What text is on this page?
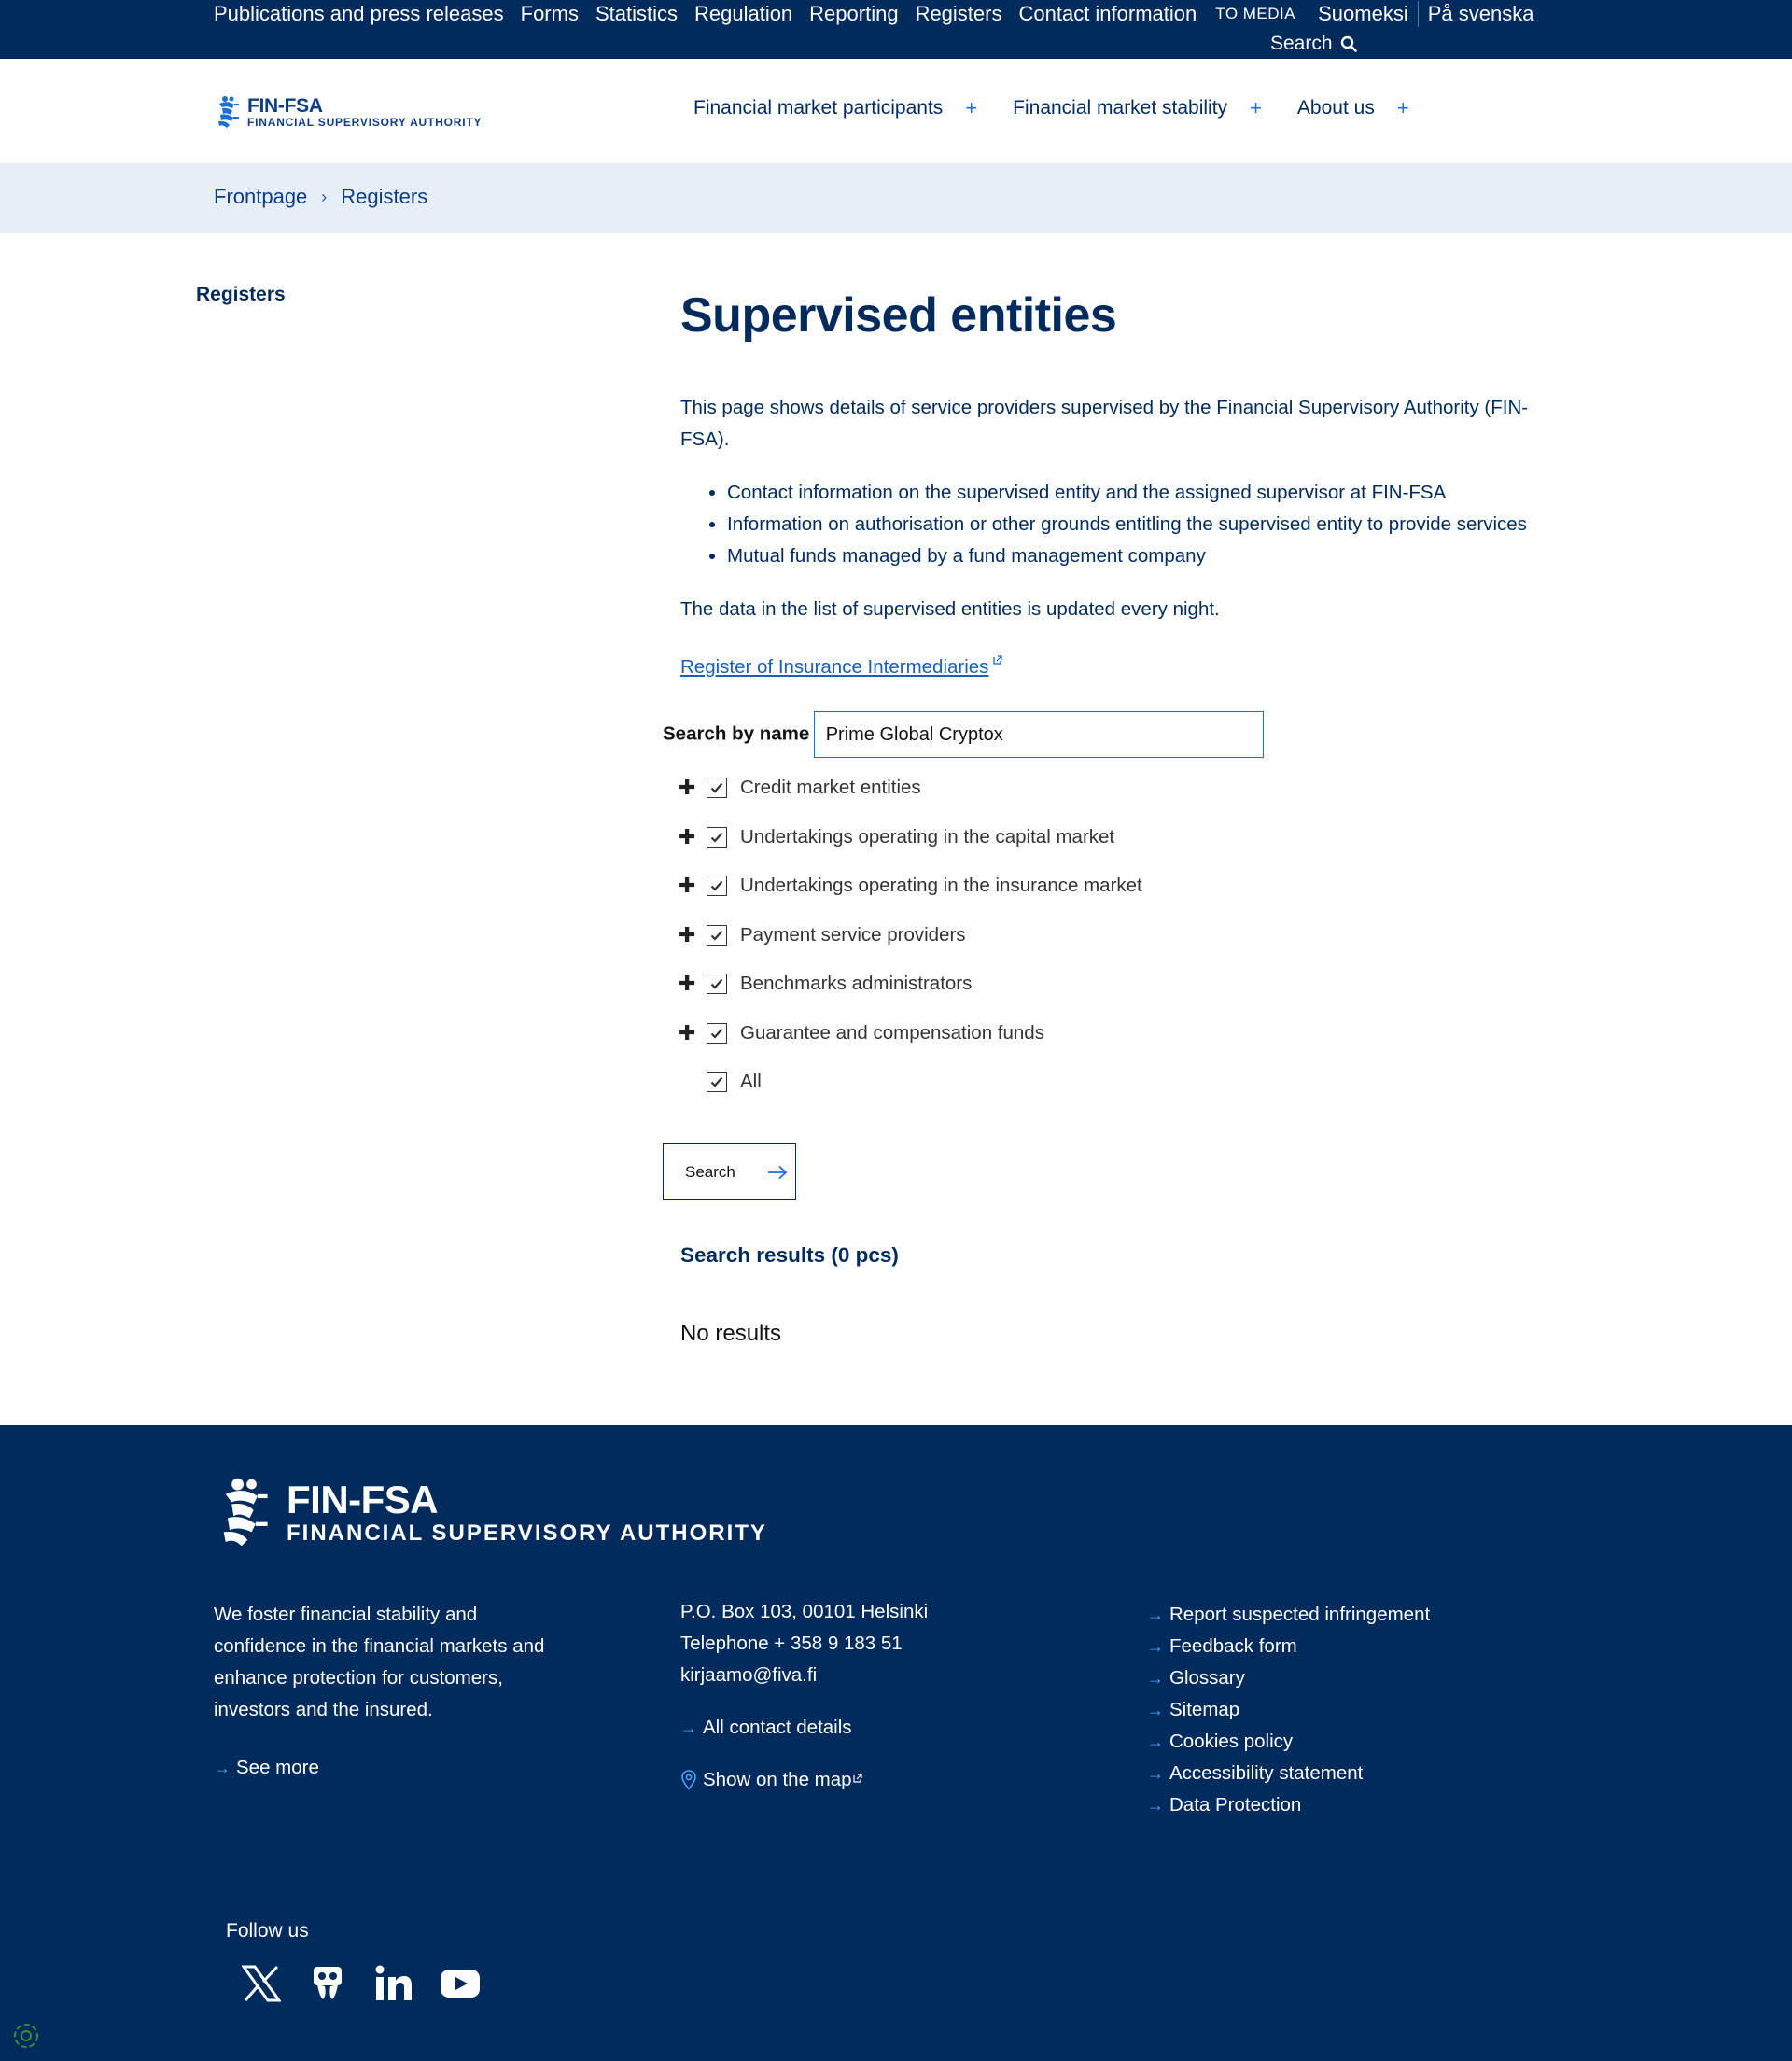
Publications and press releases Forms Statistics Regulation Reporting Registers Contact information TO MEDIA Suomeksi På svenska
Search
FIN-FSA
FINANCIAL SUPERVISORY AUTHORITY
Financial market participants + Financial market stability + About us +
Frontpage › Registers
Registers	Supervised entities

This page shows details of service providers supervised by the Financial Supervisory Authority (FIN-FSA).

• Contact information on the supervised entity and the assigned supervisor at FIN-FSA
• Information on authorisation or other grounds entitling the supervised entity to provide services
• Mutual funds managed by a fund management company

The data in the list of supervised entities is updated every night.

Register of Insurance Intermediaries

Search by name Prime Global Cryptox
✚	Credit market entities
✚	Undertakings operating in the capital market
✚	Undertakings operating in the insurance market
✚	Payment service providers
✚	Benchmarks administrators
✚	Guarantee and compensation funds
All
Search
Search results (0 pcs)

No results

FIN-FSA
FINANCIAL SUPERVISORY AUTHORITY

We foster financial stability and confidence in the financial markets and enhance protection for customers, investors and the insured.

→ See more
P.O. Box 103, 00101 Helsinki
Telephone + 358 9 183 51
kirjaamo@fiva.fi
→ All contact details
Show on the map
→ Report suspected infringement
→ Feedback form
→ Glossary
→ Sitemap
→ Cookies policy
→ Accessibility statement
→ Data Protection
Follow us
